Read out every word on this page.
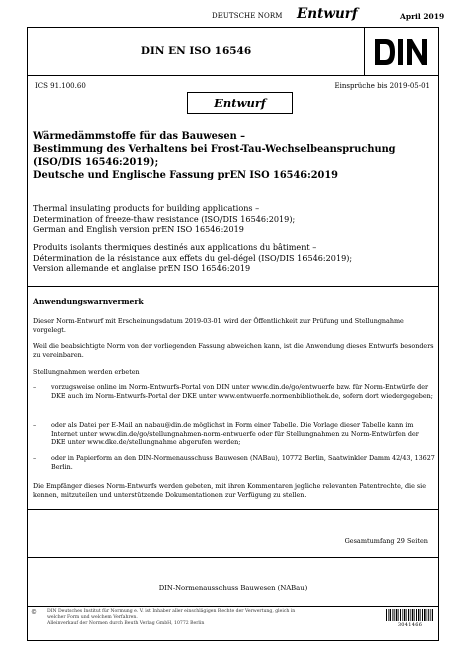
DEUTSCHE NORM Entwurf	April 2019
DIN EN ISO 16546
ICS 91.100.60	Einsprüche bis 2019-05-01
Entwurf
Wärmedämmstoffe für das Bauwesen –
Bestimmung des Verhaltens bei Frost-Tau-Wechselbeanspruchung
(ISO/DIS 16546:2019);
Deutsche und Englische Fassung prEN ISO 16546:2019
Thermal insulating products for building applications –
Determination of freeze-thaw resistance (ISO/DIS 16546:2019);
German and English version prEN ISO 16546:2019
Produits isolants thermiques destinés aux applications du bâtiment –
Détermination de la résistance aux effets du gel-dégel (ISO/DIS 16546:2019);
Version allemande et anglaise prEN ISO 16546:2019
Anwendungswarnvermerk
Dieser Norm-Entwurf mit Erscheinungsdatum 2019-03-01 wird der Öffentlichkeit zur Prüfung und Stellungnahme vorgelegt.
Weil die beabsichtigte Norm von der vorliegenden Fassung abweichen kann, ist die Anwendung dieses Entwurfs besonders zu vereinbaren.
Stellungnahmen werden erbeten
– vorzugsweise online im Norm-Entwurfs-Portal von DIN unter www.din.de/go/entwuerfe bzw. für Norm-Entwürfe der DKE auch im Norm-Entwurfs-Portal der DKE unter www.entwuerfe.normenbibliothek.de, sofern dort wiedergegeben;
– oder als Datei per E-Mail an nabau@din.de möglichst in Form einer Tabelle. Die Vorlage dieser Tabelle kann im Internet unter www.din.de/go/stellungnahmen-norm-entwuerfe oder für Stellungnahmen zu Norm-Entwürfen der DKE unter www.dke.de/stellungnahme abgerufen werden;
– oder in Papierform an den DIN-Normenausschuss Bauwesen (NABau), 10772 Berlin, Saatwinkler Damm 42/43, 13627 Berlin.
Die Empfänger dieses Norm-Entwurfs werden gebeten, mit ihren Kommentaren jegliche relevanten Patentrechte, die sie kennen, mitzuteilen und unterstützende Dokumentationen zur Verfügung zu stellen.
Gesamtumfang 29 Seiten
DIN-Normenausschuss Bauwesen (NABau)
© DIN Deutsches Institut für Normung e. V. ist Inhaber aller einschlägigen Rechte der Verwertung, gleich in
welcher Form und welchem Verfahren.
Alleinverkauf der Normen durch Beuth Verlag GmbH, 10772 Berlin	3041466
